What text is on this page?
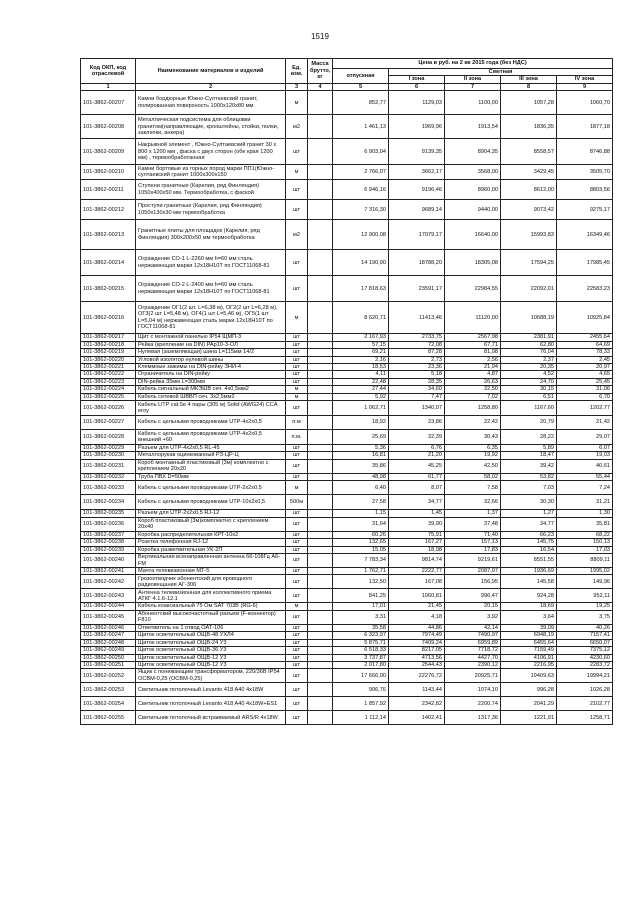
1519
Код ОКП, код отраслевой	Наименование материалов и изделий	Ед. изм.	Масса брутто, кг	Цена в руб. на 2 кв 2015 года (без НДС)				
				отпускная	Сметная			
					I зона	II зона	III зона	IV зона
1	2	3	4	5	6	7	8	9
101-3862-00207	Камни бордюрные Южно-Султаевский гранит, полированная поверхность 1000х120х80 мм	м		852,77	1129,03	1100,00	1057,28	1060,70
101-3862-00208	Металлическая подсистема для облицовки гранитом(направляющие, кронштейны, стойки, полки, заклепки, анкера)	м2		1 461,13	1969,96	1913,54	1836,35	1877,18
101-3862-00209	Накрывной элемент , Южно-Султаевский гранит 30 x 800 x 1200 мм , фаска с двух сторон (обе края 1200 мм) , термообработанная	шт		6 903,04	9139,35	8904,35	8558,57	8746,88
101-3862-00210	Камни бортовые из горных пород марки ПП1(Южно-султаевский гранит 1000х300х150	м		2 766,07	3662,17	3568,00	3429,45	3505,70
101-3862-00211	Ступени гранитные (Карелия, ряд Финляндия) 1050х400х50 мм. Термообработка, с фаской	шт		6 946,16	9196,46	8960,00	8612,00	8803,56
101-3862-00212	Проступи гранитные (Карелия, ряд Финляндия) 1050х130х30 мм термообработка	шт		7 316,30	9689,14	9440,00	9073,42	9275,17
101-3862-00213	Гранитные плиты для площадок (Карелия, ряд Финляндия) 300х200х50 мм термообработка	м2		12 900,08	17079,17	16640,00	15993,83	16349,46
101-3862-00214	Ограждение СО-1 L-2260 мм h=60 мм сталь нержавеющая марки 12х18Н10Т по ГОСТ11068-81	шт		14 190,90	18788,20	18305,08	17594,25	17985,45
101-3862-00215	Ограждение СО-2 L-2400 мм h=60 мм сталь нержавеющая марки 12х18Н10Т по ГОСТ11068-81	шт		17 818,63	23591,17	22984,55	22092,01	22583,23
101-3862-00216	Ограждение ОГ1(2 шт. L=6,38 м), ОГ2(2 шт L=6,28 м), ОГ3(2 шт L=5,48 м), ОГ4(1 шт L=5,46 м), ОГ5(1 шт L=5,04 м) нержавеющая сталь марки 12х18Н10Т по ГОСТ11068-81	м		8 620,71	11413,46	11120,00	10688,19	10925,84
101-3862-00217	Щит с монтажной панелью IP54 ЩМП-3	шт		2 167,93	2733,75	2567,98	2381,91	2455,64
101-3862-00218	Рейка (крепление на DIN) РАр10-3-ОЛ	шт		57,15	72,08	67,71	62,80	64,69
101-3862-00219	Нулевая (заземляющая) шина L=115мм 14/2	шт		69,21	87,28	81,98	76,04	78,33
101-3862-00220	Угловой изолятор нулевой шины	шт		2,16	2,73	2,56	2,37	2,45
101-3862-00221	Клеммные зажимы на DIN-рейку ЗНИ-4	шт		18,53	23,36	21,94	20,35	20,97
101-3862-00222	Ограничитель на DIN-рейку	шт		4,11	5,18	4,87	4,52	4,65
101-3862-00223	DIN-рейка 35мм L=300мм	шт		22,48	28,35	26,63	24,70	25,45
101-3862-00224	Кабель сигнальный МКЭШВ сеч. 4х0,5мм2	м		27,44	34,60	32,50	30,15	31,06
101-3862-00225	Кабель сетевой ШВВП сеч. 3х2,5мм2	м		5,92	7,47	7,02	6,51	6,70
101-3862-00226	Кабель UTP cat.5e 4 пары (305 м) Solid (AWG24) CCA eroy	шт		1 062,71	1340,07	1258,80	1167,60	1202,77
101-3862-00227	Кабель с цельными проводниками UTP-4х2х0,5	п.м		18,92	23,86	22,42	20,79	21,42
101-3862-00228	Кабель с цельными проводниками UTP-4х2х0,5 внешний +60	п.м.		25,69	32,39	30,43	28,22	29,07
101-3862-00229	Разъем для UTP-4х2х0,5 RL-45	шт		5,36	6,76	6,35	5,89	6,07
101-3862-00230	Металлорукав оцинкованный РЗ-ЦР-Ц	шт		16,81	21,20	19,92	18,47	19,03
101-3862-00231	Короб монтажный пластиковый (3м) комплектно с креплением 20х20	шт		35,86	45,25	42,50	39,42	40,61
101-3862-00232	Труба ПВХ D=50мм	шт		48,98	61,77	58,02	53,82	55,44
101-3862-00233	Кабель с цельными проводниками UTP-2х2х0,5	м		6,40	8,07	7,58	7,03	7,24
101-3862-00234	Кабель с цельными проводниками UTP-10х2х0,5	500м		27,58	34,77	32,66	30,30	31,21
101-3862-00235	Разъем для UTP-2х2х0,5 RJ-12	шт		1,15	1,45	1,37	1,27	1,30
101-3862-00236	Короб пластиковый (3м)комплектно с креплением 20х40	шт		31,64	39,90	37,48	34,77	35,81
101-3862-00237	Коробка распределительная КРТ-10х2	шт		60,26	75,91	71,40	66,23	68,22
101-3862-00238	Розетка телефонная RJ-12	шт		132,65	167,27	157,13	145,75	150,13
101-3862-00239	Коробка разветвительная УК-2П	шт		15,05	18,98	17,83	16,54	17,03
101-3862-00240	Вертикальная всенаправленная антенна 66-108Гц А6-FM	шт		7 783,34	9814,74	9219,61	8551,55	8809,11
101-3862-00241	Мачта телевизионная МТ-5	шт		1 762,71	2222,77	2087,97	1936,69	1995,02
101-3862-00242	Грозоотводчик абонентский для проводного радиовещания АГ-306	шт		132,50	167,08	156,95	145,58	149,96
101-3862-00243	Антенна телевизионная для коллективного приема АТКГ 4.1.6-12.1	шт		841,25	1060,81	996,47	924,28	952,11
101-3862-00244	Кабель коаксиальный 75 Ом SAT 703B (RG-6)	м		17,01	21,45	20,15	18,69	19,25
101-3862-00245	Абонентский высокочастотный разъем (F-коннектор) F810	шт		3,31	4,18	3,92	3,64	3,75
101-3862-00246	Ответвитель на 1 отвод ОАТ-106	шт		35,58	44,86	42,14	39,09	40,26
101-3862-00247	Щиток осветительный ОЩВ-48 УХЛ4	шт		6 323,97	7974,49	7490,97	6948,19	7157,41
101-3862-00248	Щиток осветительный ОЩВ-24 У3	шт		5 875,71	7409,24	6959,89	6455,64	6650,07
101-3862-00249	Щиток осветительный ОЩВ-36 У3	шт		6 518,33	8217,05	7718,72	7159,49	7375,12
101-3862-00250	Щиток осветительный ОЩВ-12 У3	шт		3 737,87	4713,56	4427,70	4106,91	4230,60
101-3862-00251	Щиток осветительный ОЩВ-12 У3	шт		2 017,80	2544,43	2390,12	2216,95	2283,72
101-3862-00252	Ящик с понижающим трансформатором, 220/36В IP54 ОСВМ-0,25 (ОСВМ-0,25)	шт		17 666,00	22276,72	20925,71	19409,63	19994,21
101-3862-00253	Светильник потолочный Levanto 418 A40 4х18W	шт		906,76	1143,44	1074,10	996,28	1026,28
101-3862-00254	Светильник потолочный Levanto 418 A40 4х18W+ES1	шт		1 857,92	2342,82	2200,74	2041,29	2102,77
101-3862-00255	Светильник потолочный встраиваемый ARS/R 4х18W	шт		1 112,14	1402,41	1317,36	1221,91	1258,71
